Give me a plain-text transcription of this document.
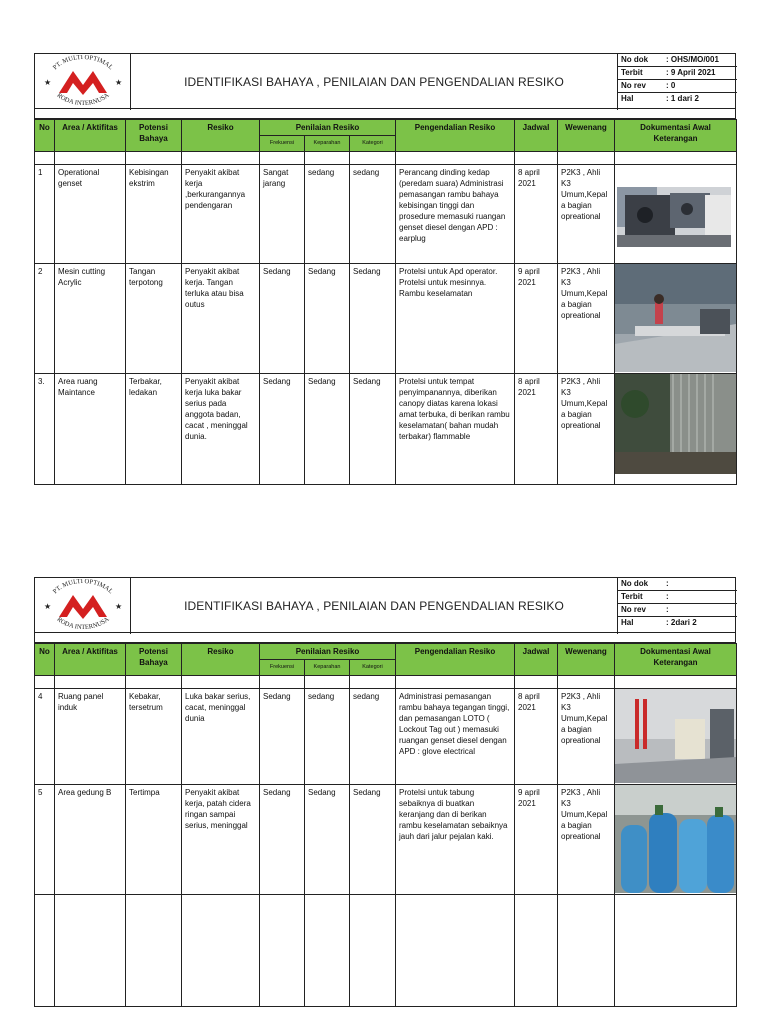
PT. MULTI OPTIMAL
RODA INTERNUSA
★	★	IDENTIFIKASI BAHAYA , PENILAIAN DAN PENGENDALIAN RESIKO
No dok : OHS/MO/001
Terbit	: 9 April 2021
No rev	: 0
Hal	: 1 dari 2
No	Area / Aktifitas	Potensi Bahaya	Resiko	Penilaian Resiko			Pengendalian Resiko	Jadwal	Wewenang	Dokumentasi Awal Keterangan
				Frekuensi	Keparahan	Kategori				

1	Operational genset	Kebisingan ekstrim	Penyakit akibat kerja ,berkurangannya pendengaran	Sangat jarang	sedang	sedang	Perancang dinding kedap (peredam suara) Administrasi pemasangan rambu bahaya kebisingan tinggi dan prosedure memasuki ruangan genset diesel dengan APD : earplug	8 april 2021	P2K3 , Ahli K3 Umum,Kepala bagian opreational	

2	Mesin cutting Acrylic	Tangan terpotong	Penyakit akibat kerja. Tangan terluka atau bisa outus	Sedang	Sedang	Sedang	Protelsi untuk Apd operator. Protelsi untuk mesinnya. Rambu keselamatan	9 april 2021	P2K3 , Ahli K3 Umum,Kepala bagian opreational	

3.	Area ruang Maintance	Terbakar, ledakan	Penyakit akibat kerja luka bakar serius pada anggota badan, cacat , meninggal dunia.	Sedang	Sedang	Sedang	Protelsi untuk tempat penyimpanannya, diberikan canopy diatas karena lokasi amat terbuka, di berikan rambu keselamatan( bahan mudah terbakar) flammable	8 april 2021	P2K3 , Ahli K3 Umum,Kepala bagian opreational	
PT. MULTI OPTIMAL
RODA INTERNUSA
★	★	IDENTIFIKASI BAHAYA , PENILAIAN DAN PENGENDALIAN RESIKO
No dok :
Terbit	:
No rev	:
Hal	: 2dari 2
No	Area / Aktifitas	Potensi Bahaya	Resiko	Penilaian Resiko			Pengendalian Resiko	Jadwal	Wewenang	Dokumentasi Awal Keterangan
				Frekuensi	Keparahan	Kategori				

4	Ruang panel induk	Kebakar, tersetrum	Luka bakar serius, cacat, meninggal dunia	Sedang	sedang	sedang	Administrasi pemasangan rambu bahaya tegangan tinggi, dan pemasangan LOTO ( Lockout Tag out ) memasuki ruangan genset diesel dengan APD : glove electrical	8 april 2021	P2K3 , Ahli K3 Umum,Kepala bagian opreational	

5	Area gedung B	Tertimpa	Penyakit akibat kerja, patah cidera ringan sampai serius, meninggal	Sedang	Sedang	Sedang	Protelsi untuk tabung sebaiknya di buatkan keranjang dan di berikan rambu keselamatan sebaiknya jauh dari jalur pejalan kaki.	9 april 2021	P2K3 , Ahli K3 Umum,Kepala bagian opreational	
